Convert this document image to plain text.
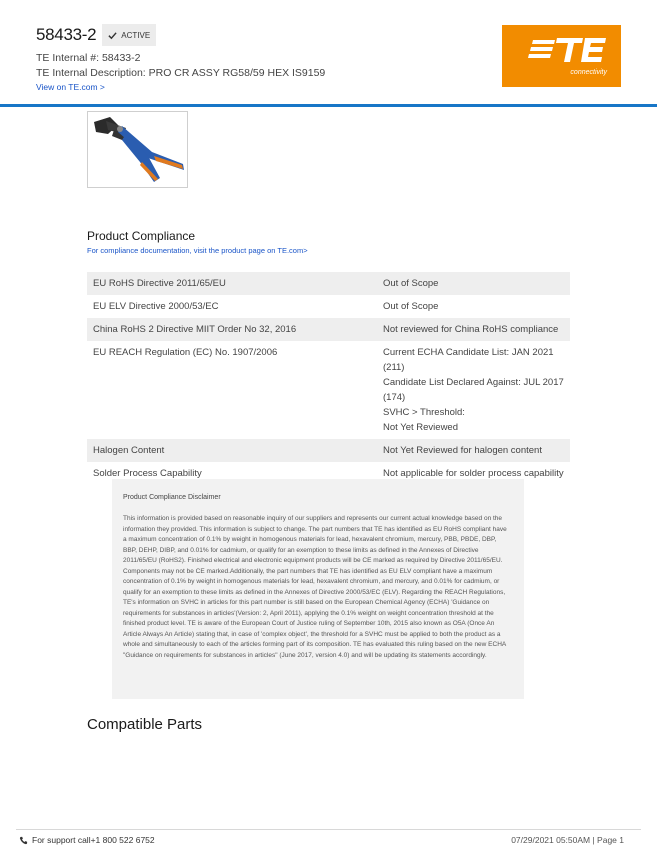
58433-2	ACTIVE
TE Internal #: 58433-2
TE Internal Description: PRO CR ASSY RG58/59 HEX IS9159
View on TE.com >
connectivity
Product Compliance
For compliance documentation, visit the product page on TE.com>
EU RoHS Directive 2011/65/EU	Out of Scope
EU ELV Directive 2000/53/EC	Out of Scope
China RoHS 2 Directive MIIT Order No 32, 2016	Not reviewed for China RoHS compliance
EU REACH Regulation (EC) No. 1907/2006	Current ECHA Candidate List: JAN 2021
(211)
Candidate List Declared Against: JUL 2017
(174)
SVHC > Threshold:
Not Yet Reviewed
Halogen Content	Not Yet Reviewed for halogen content
Solder Process Capability	Not applicable for solder process capability
Product Compliance Disclaimer
This information is provided based on reasonable inquiry of our suppliers and represents our current actual knowledge based on the information they provided. This information is subject to change. The part numbers that TE has identified as EU RoHS compliant have a maximum concentration of 0.1% by weight in homogenous materials for lead, hexavalent chromium, mercury, PBB, PBDE, DBP, BBP, DEHP, DIBP, and 0.01% for cadmium, or qualify for an exemption to these limits as defined in the Annexes of Directive 2011/65/EU (RoHS2). Finished electrical and electronic equipment products will be CE marked as required by Directive 2011/65/EU. Components may not be CE marked.Additionally, the part numbers that TE has identified as EU ELV compliant have a maximum concentration of 0.1% by weight in homogenous materials for lead, hexavalent chromium, and mercury, and 0.01% for cadmium, or qualify for an exemption to these limits as defined in the Annexes of Directive 2000/53/EC (ELV). Regarding the REACH Regulations, TE's information on SVHC in articles for this part number is still based on the European Chemical Agency (ECHA) 'Guidance on requirements for substances in articles'(Version: 2, April 2011), applying the 0.1% weight on weight concentration threshold at the finished product level. TE is aware of the European Court of Justice ruling of September 10th, 2015 also known as O5A (Once An Article Always An Article) stating that, in case of 'complex object', the threshold for a SVHC must be applied to both the product as a whole and simultaneously to each of the articles forming part of its composition. TE has evaluated this ruling based on the new ECHA "Guidance on requirements for substances in articles" (June 2017, version 4.0) and will be updating its statements accordingly.
Compatible Parts
For support call+1 800 522 6752	07/29/2021 05:50AM | Page 1
